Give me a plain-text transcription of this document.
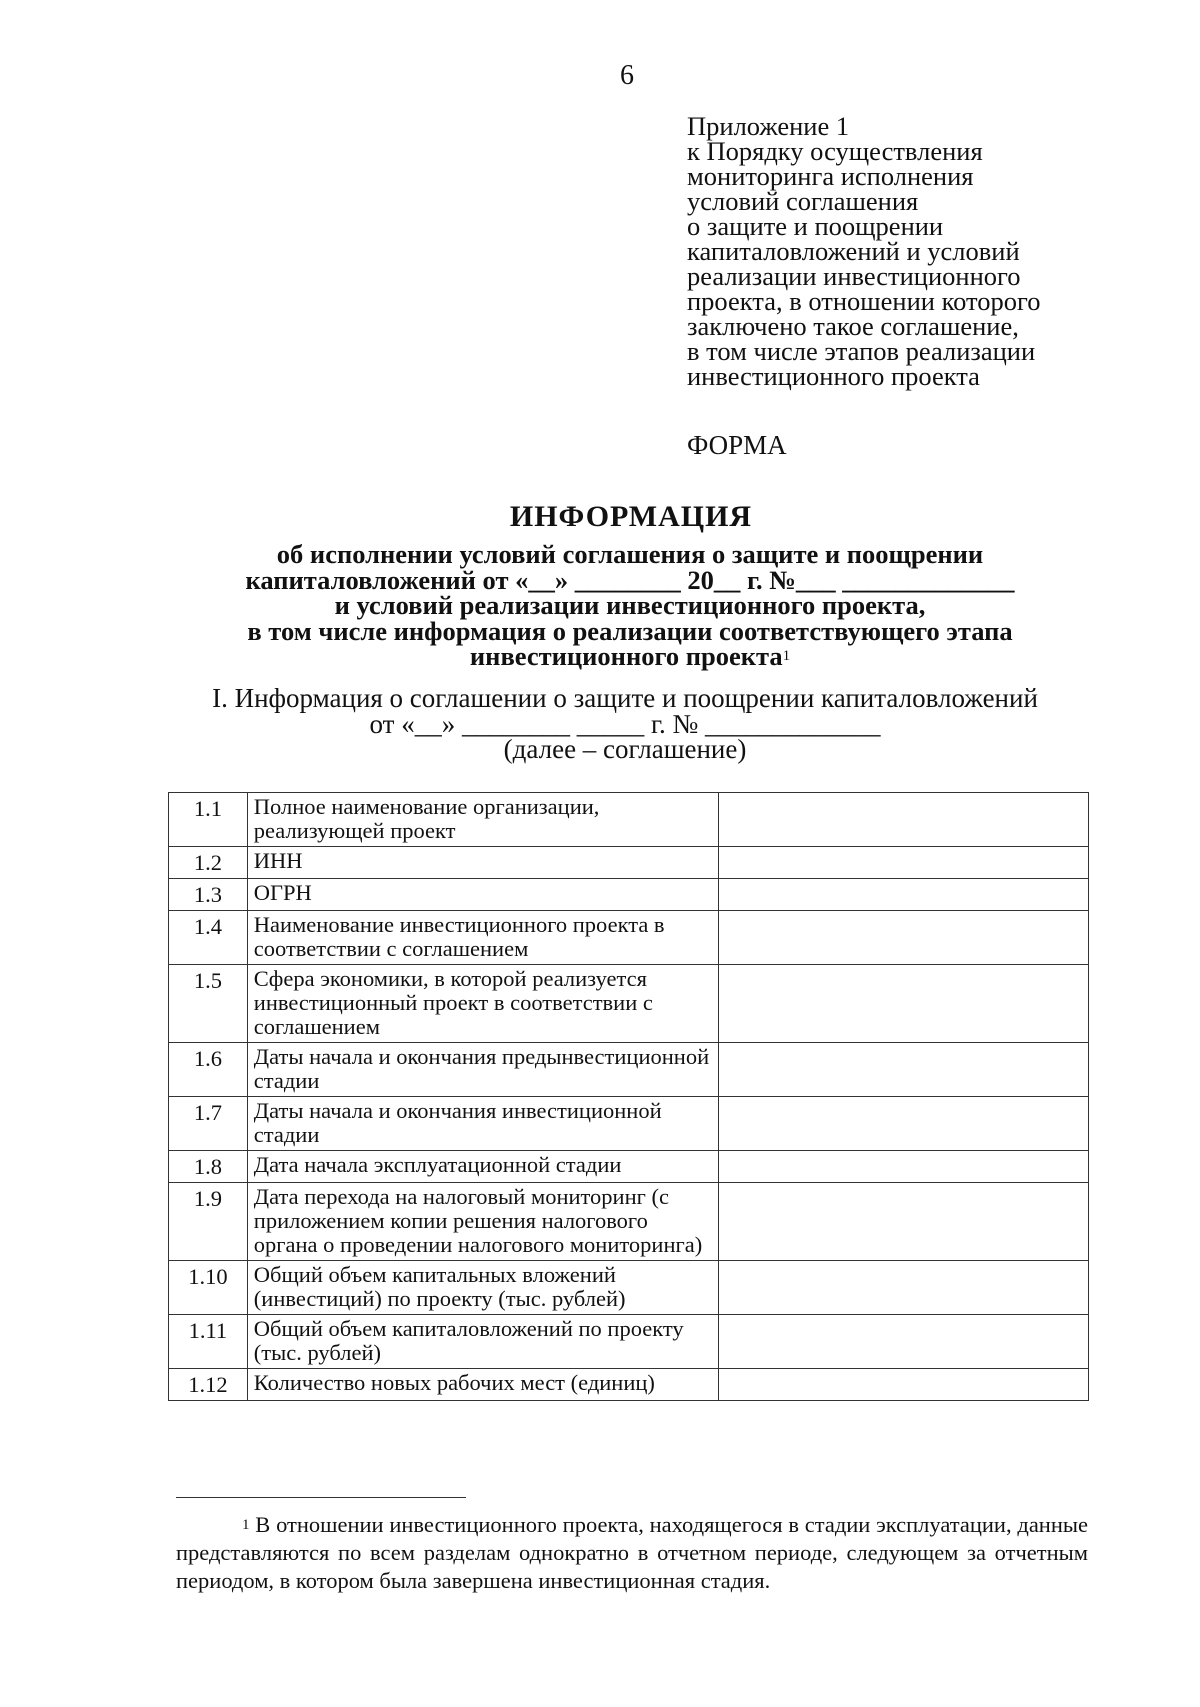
6
Приложение 1
к Порядку осуществления
мониторинга исполнения
условий соглашения
о защите и поощрении
капиталовложений и условий
реализации инвестиционного
проекта, в отношении которого
заключено такое соглашение,
в том числе этапов реализации
инвестиционного проекта
ФОРМА
ИНФОРМАЦИЯ
об исполнении условий соглашения о защите и поощрении
капиталовложений от «__» ________ 20__ г. №___ _____________
и условий реализации инвестиционного проекта,
в том числе информация о реализации соответствующего этапа
инвестиционного проекта$^1$
I. Информация о соглашении о защите и поощрении капиталовложений
от «__» ________ _____ г. № _____________
(далее – соглашение)
1.1	Полное наименование организации, реализующей проект	
1.2	ИНН	
1.3	ОГРН	
1.4	Наименование инвестиционного проекта в соответствии с соглашением	
1.5	Сфера экономики, в которой реализуется инвестиционный проект в соответствии с соглашением	
1.6	Даты начала и окончания предынвестиционной стадии	
1.7	Даты начала и окончания инвестиционной стадии	
1.8	Дата начала эксплуатационной стадии	
1.9	Дата перехода на налоговый мониторинг (с приложением копии решения налогового органа о проведении налогового мониторинга)	
1.10	Общий объем капитальных вложений (инвестиций) по проекту (тыс. рублей)	
1.11	Общий объем капиталовложений по проекту (тыс. рублей)	
1.12	Количество новых рабочих мест (единиц)	
$^1$ В отношении инвестиционного проекта, находящегося в стадии эксплуатации, данные представляются по всем разделам однократно в отчетном периоде, следующем за отчетным периодом, в котором была завершена инвестиционная стадия.
